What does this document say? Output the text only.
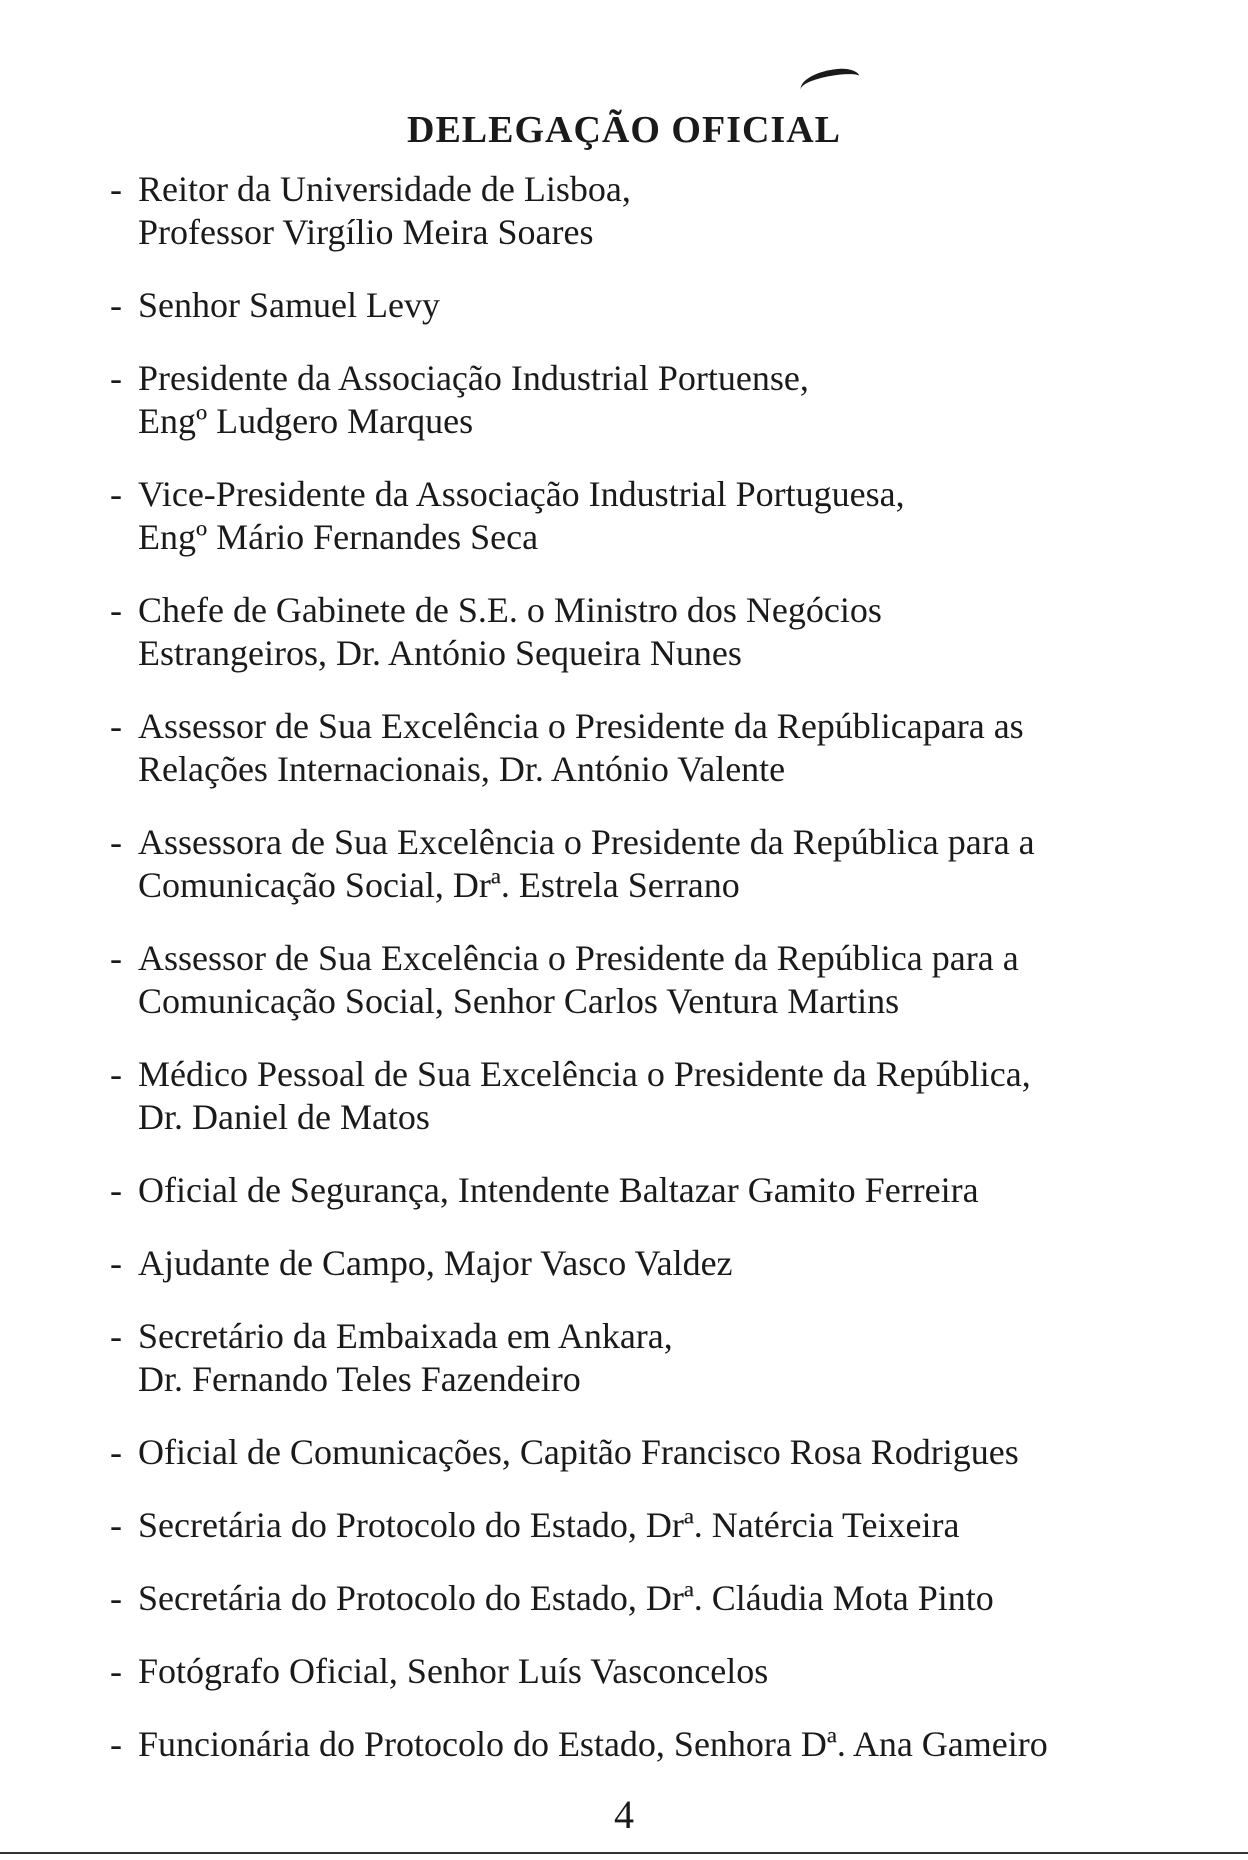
DELEGAÇÃO OFICIAL
- Reitor da Universidade de Lisboa,
Professor Virgílio Meira Soares
- Senhor Samuel Levy
- Presidente da Associação Industrial Portuense,
Engº Ludgero Marques
- Vice-Presidente da Associação Industrial Portuguesa,
Engº Mário Fernandes Seca
- Chefe de Gabinete de S.E. o Ministro dos Negócios
Estrangeiros, Dr. António Sequeira Nunes
- Assessor de Sua Excelência o Presidente da Repúblicapara as
Relações Internacionais, Dr. António Valente
- Assessora de Sua Excelência o Presidente da República para a
Comunicação Social, Drª. Estrela Serrano
- Assessor de Sua Excelência o Presidente da República para a
Comunicação Social, Senhor Carlos Ventura Martins
- Médico Pessoal de Sua Excelência o Presidente da República,
Dr. Daniel de Matos
- Oficial de Segurança, Intendente Baltazar Gamito Ferreira
- Ajudante de Campo, Major Vasco Valdez
- Secretário da Embaixada em Ankara,
Dr. Fernando Teles Fazendeiro
- Oficial de Comunicações, Capitão Francisco Rosa Rodrigues
- Secretária do Protocolo do Estado, Drª. Natércia Teixeira
- Secretária do Protocolo do Estado, Drª. Cláudia Mota Pinto
- Fotógrafo Oficial, Senhor Luís Vasconcelos
- Funcionária do Protocolo do Estado, Senhora Dª. Ana Gameiro
4
